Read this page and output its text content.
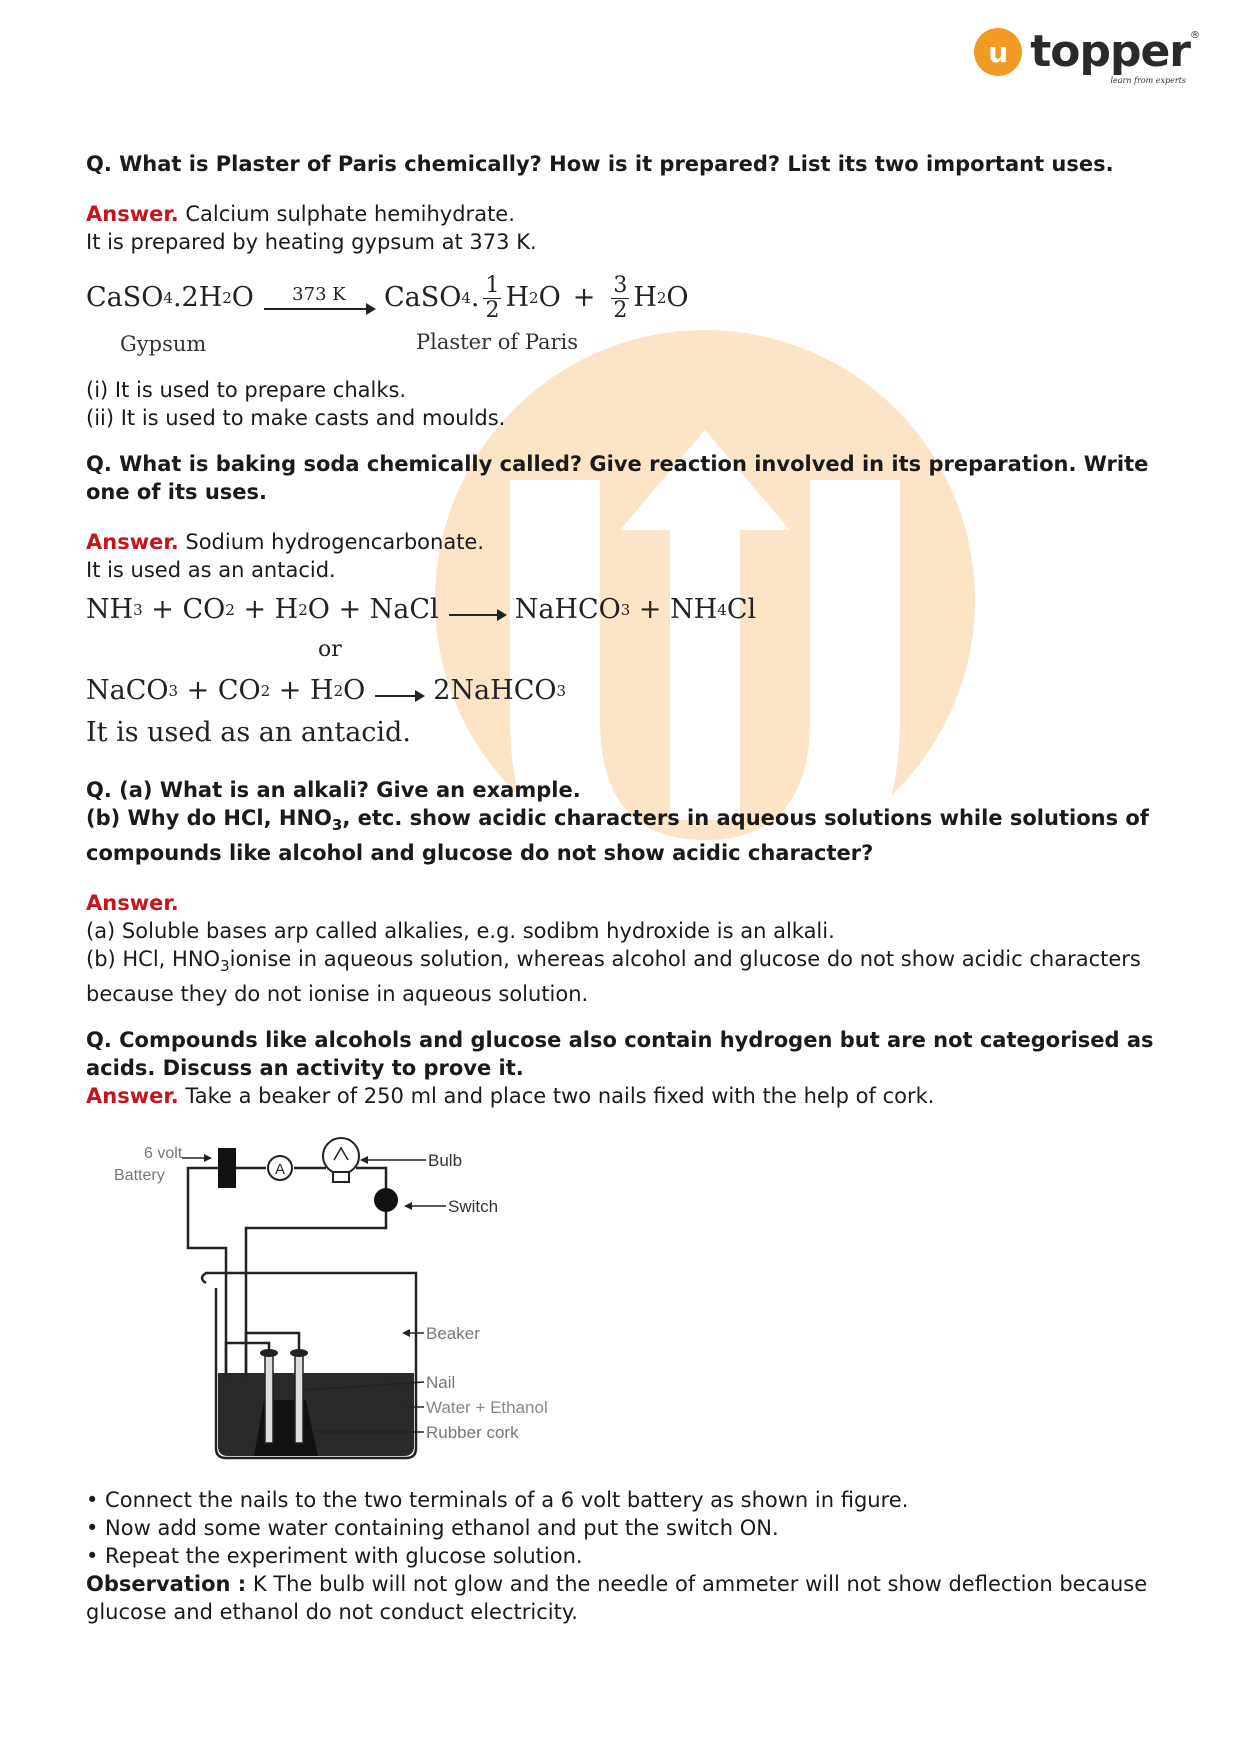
u topper
learn from experts
®

Q. What is Plaster of Paris chemically? How is it prepared? List its two important uses.

Answer. Calcium sulphate hemihydrate.

It is prepared by heating gypsum at 373 K.

CaSO 4 .2H 2 O 373 K CaSO 4 . $\frac{1}{2}$ H 2 $O + \frac{3}{2}$ H 2 O
Gypsum	Plaster of Paris

(i) It is used to prepare chalks.

(ii) It is used to make casts and moulds.

Q. What is baking soda chemically called? Give reaction involved in its preparation. Write one of its uses.

Answer. Sodium hydrogencarbonate.

It is used as an antacid.

NH 3 + CO 2 + H 2 O + NaCl	NaHCO 3 + NH 4 Cl
or
NaCO 3 + CO 2 + H 2 O	2NaHCO 3
It is used as an antacid.

Q. (a) What is an alkali? Give an example.

(b) Why do HCl, $HNO_3$, etc. show acidic characters in aqueous solutions while solutions of compounds like alcohol and glucose do not show acidic character?

Answer.

(a) Soluble bases arp called alkalies, e.g. sodibm hydroxide is an alkali.

(b) HCl, $HNO_3ionise$ in aqueous solution, whereas alcohol and glucose do not show acidic characters because they do not ionise in aqueous solution.

Q. Compounds like alcohols and glucose also contain hydrogen but are not categorised as acids. Discuss an activity to prove it.

Answer. Take a beaker of 250 ml and place two nails fixed with the help of cork.

A
6 volt
Battery
Bulb
Switch
Beaker
Nail
Water + Ethanol
Rubber cork

• Connect the nails to the two terminals of a 6 volt battery as shown in figure.

• Now add some water containing ethanol and put the switch ON.

• Repeat the experiment with glucose solution.

Observation : K The bulb will not glow and the needle of ammeter will not show deflection because glucose and ethanol do not conduct electricity.
